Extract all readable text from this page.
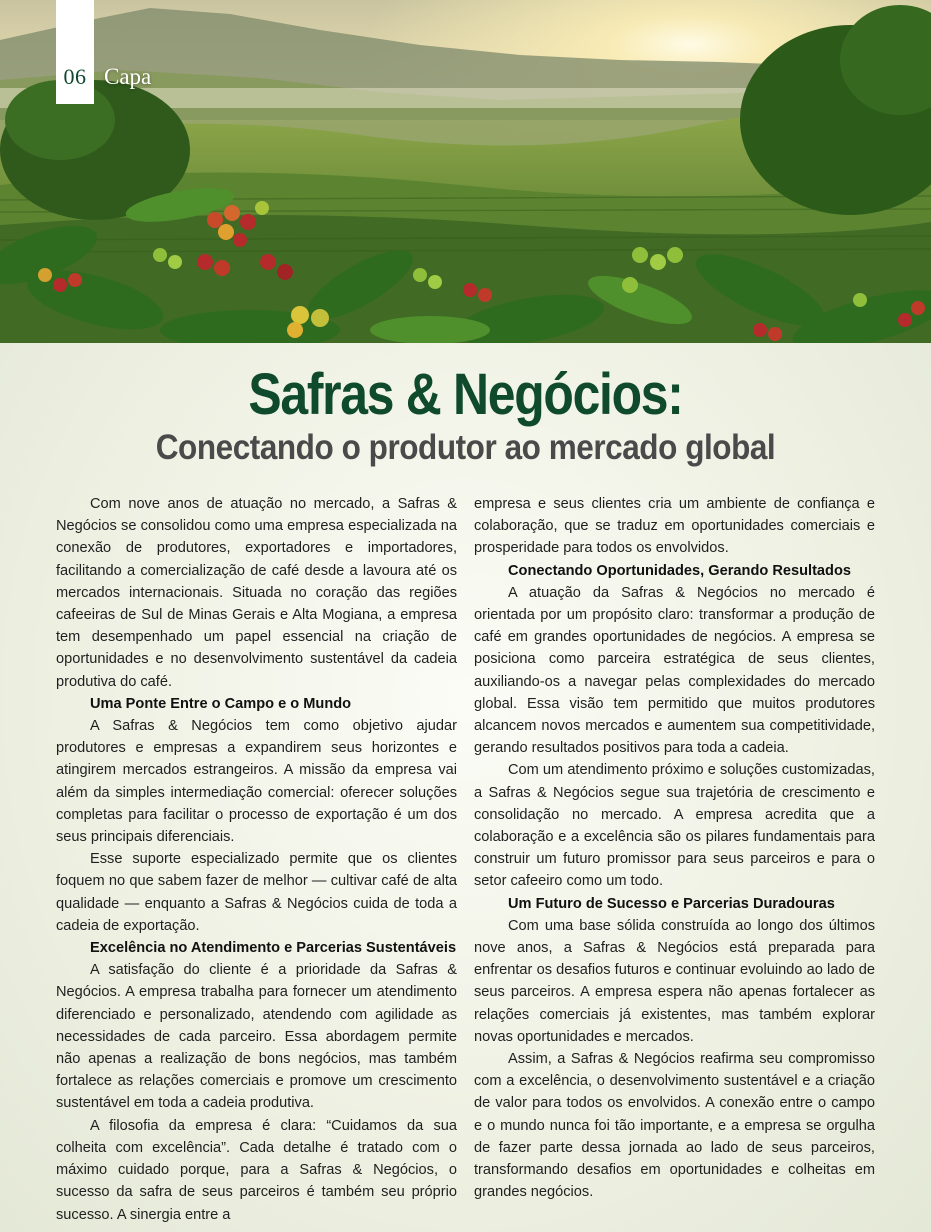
06 Capa
Safras & Negócios:
Conectando o produtor ao mercado global

Com nove anos de atuação no mercado, a Safras & Negócios se consolidou como uma empresa especializada na conexão de produtores, exportadores e importadores, facilitando a comercialização de café desde a lavoura até os mercados internacionais. Situada no coração das regiões cafeeiras de Sul de Minas Gerais e Alta Mogiana, a empresa tem desempenhado um papel essencial na criação de oportunidades e no desenvolvimento sustentável da cadeia produtiva do café.

Uma Ponte Entre o Campo e o Mundo

A Safras & Negócios tem como objetivo ajudar produtores e empresas a expandirem seus horizontes e atingirem mercados estrangeiros. A missão da empresa vai além da simples intermediação comercial: oferecer soluções completas para facilitar o processo de exportação é um dos seus principais diferenciais.

Esse suporte especializado permite que os clientes foquem no que sabem fazer de melhor — cultivar café de alta qualidade — enquanto a Safras & Negócios cuida de toda a cadeia de exportação.

Excelência no Atendimento e Parcerias Sustentáveis

A satisfação do cliente é a prioridade da Safras & Negócios. A empresa trabalha para fornecer um atendimento diferenciado e personalizado, atendendo com agilidade as necessidades de cada parceiro. Essa abordagem permite não apenas a realização de bons negócios, mas também fortalece as relações comerciais e promove um crescimento sustentável em toda a cadeia produtiva.

A filosofia da empresa é clara: “Cuidamos da sua colheita com excelência”. Cada detalhe é tratado com o máximo cuidado porque, para a Safras & Negócios, o sucesso da safra de seus parceiros é também seu próprio sucesso. A sinergia entre a

empresa e seus clientes cria um ambiente de confiança e colaboração, que se traduz em oportunidades comerciais e prosperidade para todos os envolvidos.

Conectando Oportunidades, Gerando Resultados

A atuação da Safras & Negócios no mercado é orientada por um propósito claro: transformar a produção de café em grandes oportunidades de negócios. A empresa se posiciona como parceira estratégica de seus clientes, auxiliando-os a navegar pelas complexidades do mercado global. Essa visão tem permitido que muitos produtores alcancem novos mercados e aumentem sua competitividade, gerando resultados positivos para toda a cadeia.

Com um atendimento próximo e soluções customizadas, a Safras & Negócios segue sua trajetória de crescimento e consolidação no mercado. A empresa acredita que a colaboração e a excelência são os pilares fundamentais para construir um futuro promissor para seus parceiros e para o setor cafeeiro como um todo.

Um Futuro de Sucesso e Parcerias Duradouras

Com uma base sólida construída ao longo dos últimos nove anos, a Safras & Negócios está preparada para enfrentar os desafios futuros e continuar evoluindo ao lado de seus parceiros. A empresa espera não apenas fortalecer as relações comerciais já existentes, mas também explorar novas oportunidades e mercados.

Assim, a Safras & Negócios reafirma seu compromisso com a excelência, o desenvolvimento sustentável e a criação de valor para todos os envolvidos. A conexão entre o campo e o mundo nunca foi tão importante, e a empresa se orgulha de fazer parte dessa jornada ao lado de seus parceiros, transformando desafios em oportunidades e colheitas em grandes negócios.
